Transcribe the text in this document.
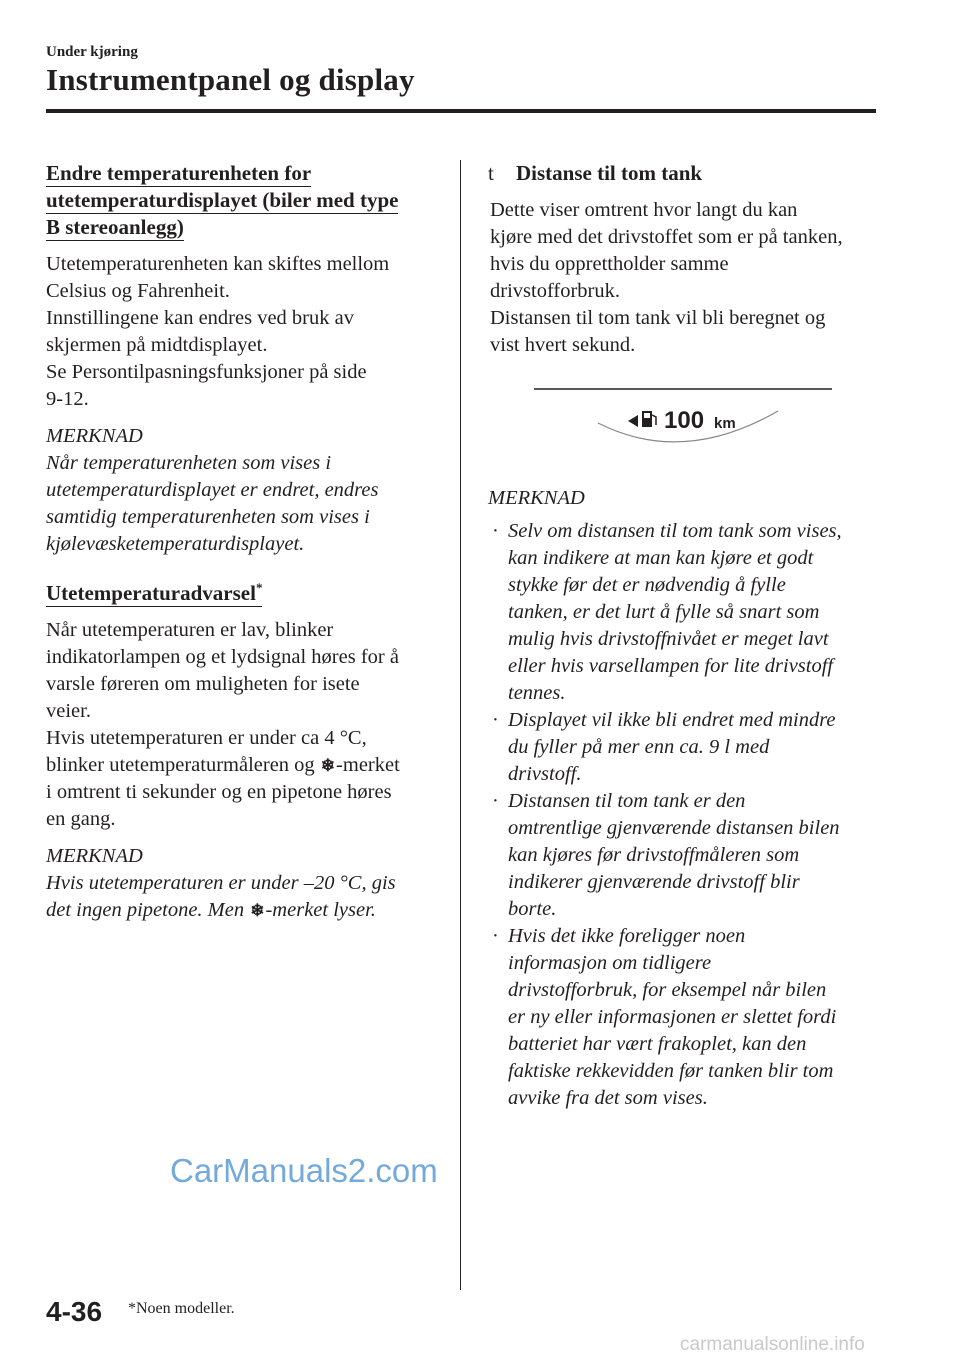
Under kjøring
Instrumentpanel og display
Endre temperaturenheten for
utetemperaturdisplayet (biler med type
B stereoanlegg)

Utetemperaturenheten kan skiftes mellom
Celsius og Fahrenheit.
Innstillingene kan endres ved bruk av
skjermen på midtdisplayet.
Se Persontilpasningsfunksjoner på side
9-12.

MERKNAD

Når temperaturenheten som vises i
utetemperaturdisplayet er endret, endres
samtidig temperaturenheten som vises i
kjølevæsketemperaturdisplayet.

Utetemperaturadvarsel*

Når utetemperaturen er lav, blinker
indikatorlampen og et lydsignal høres for å
varsle føreren om muligheten for isete
veier.
Hvis utetemperaturen er under ca 4 °C,
blinker utetemperaturmåleren og ❄-merket
i omtrent ti sekunder og en pipetone høres
en gang.

MERKNAD

Hvis utetemperaturen er under –20 °C, gis
det ingen pipetone. Men ❄-merket lyser.

t Distanse til tom tank

Dette viser omtrent hvor langt du kan
kjøre med det drivstoffet som er på tanken,
hvis du opprettholder samme
drivstofforbruk.
Distansen til tom tank vil bli beregnet og
vist hvert sekund.

100 km
MERKNAD
· Selv om distansen til tom tank som vises,
kan indikere at man kan kjøre et godt
stykke før det er nødvendig å fylle
tanken, er det lurt å fylle så snart som
mulig hvis drivstoffnivået er meget lavt
eller hvis varsellampen for lite drivstoff
tennes.
· Displayet vil ikke bli endret med mindre
du fyller på mer enn ca. 9 l med
drivstoff.
· Distansen til tom tank er den
omtrentlige gjenværende distansen bilen
kan kjøres før drivstoffmåleren som
indikerer gjenværende drivstoff blir
borte.
· Hvis det ikke foreligger noen
informasjon om tidligere
drivstofforbruk, for eksempel når bilen
er ny eller informasjonen er slettet fordi
batteriet har vært frakoplet, kan den
faktiske rekkevidden før tanken blir tom
avvike fra det som vises.
CarManuals2.com
4-36 *Noen modeller.
carmanualsonline.info
